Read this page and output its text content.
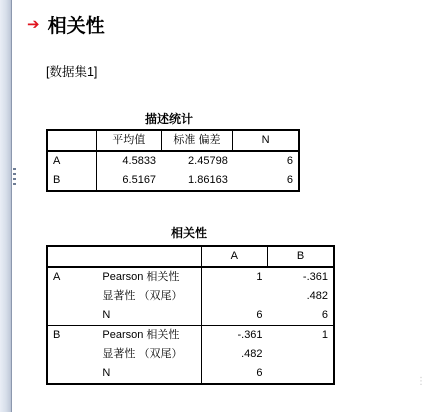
➔ 相关性
[数据集1]
描述统计
	平均值	标准 偏差	N
A	4.5833	2.45798	6
B	6.5167	1.86163	6
相关性
		A	B
A	Pearson 相关性	1	-.361
	显著性 （双尾）		.482
	N	6	6
B	Pearson 相关性	-.361	1
	显著性 （双尾）	.482	
	N	6	
⋮
